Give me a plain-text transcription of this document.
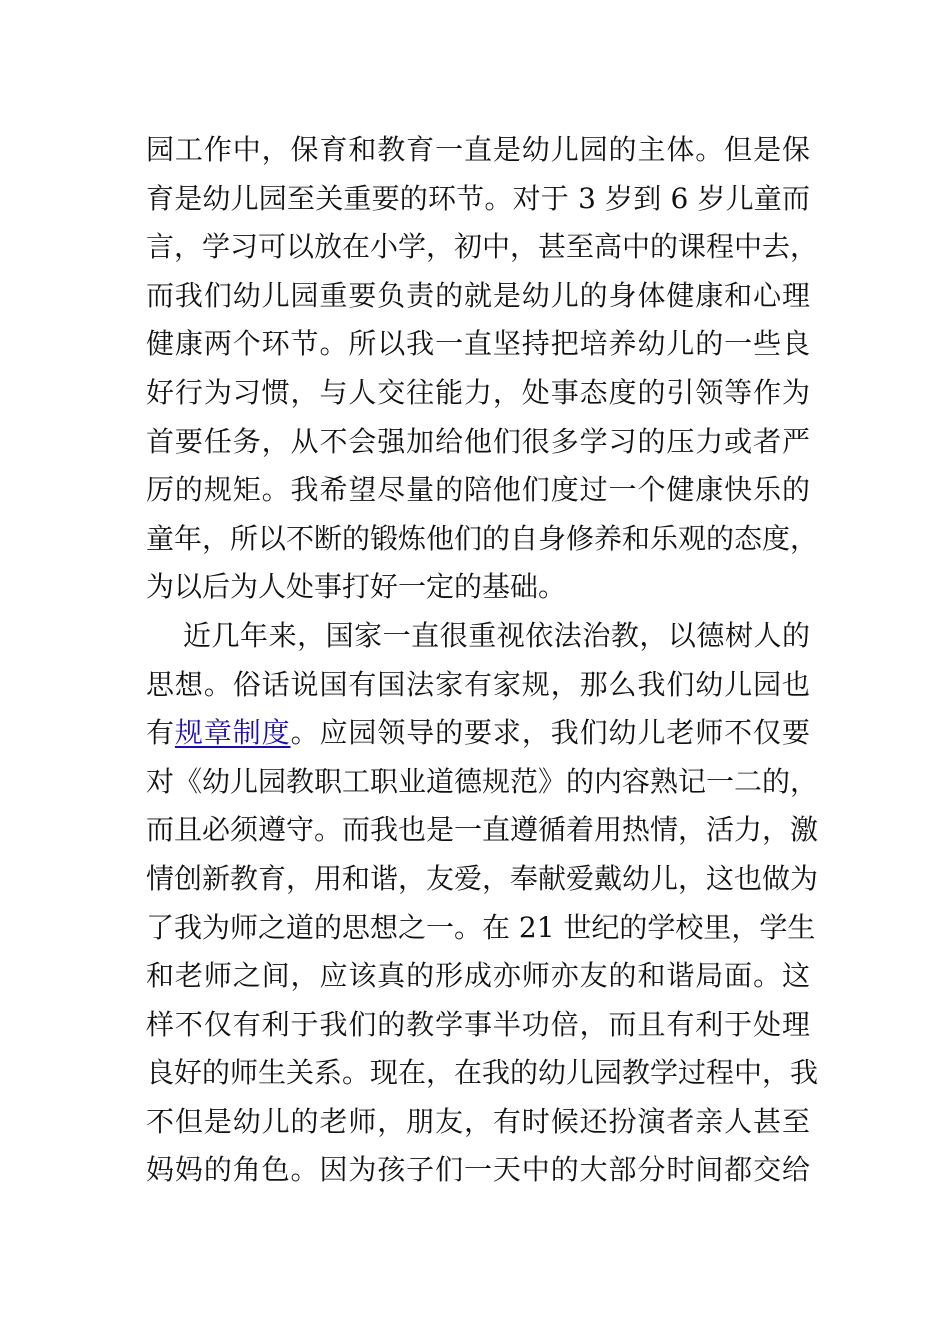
园工作中，保育和教育一直是幼儿园的主体。但是保
育是幼儿园至关重要的环节。对于 3 岁到 6 岁儿童而
言，学习可以放在小学，初中，甚至高中的课程中去，
而我们幼儿园重要负责的就是幼儿的身体健康和心理
健康两个环节。所以我一直坚持把培养幼儿的一些良
好行为习惯，与人交往能力，处事态度的引领等作为
首要任务，从不会强加给他们很多学习的压力或者严
厉的规矩。我希望尽量的陪他们度过一个健康快乐的
童年，所以不断的锻炼他们的自身修养和乐观的态度，
为以后为人处事打好一定的基础。
近几年来，国家一直很重视依法治教，以德树人的
思想。俗话说国有国法家有家规，那么我们幼儿园也
有规章制度。应园领导的要求，我们幼儿老师不仅要
对《幼儿园教职工职业道德规范》的内容熟记一二的，
而且必须遵守。而我也是一直遵循着用热情，活力，激
情创新教育，用和谐，友爱，奉献爱戴幼儿，这也做为
了我为师之道的思想之一。在 21 世纪的学校里，学生
和老师之间，应该真的形成亦师亦友的和谐局面。这
样不仅有利于我们的教学事半功倍，而且有利于处理
良好的师生关系。现在，在我的幼儿园教学过程中，我
不但是幼儿的老师，朋友，有时候还扮演者亲人甚至
妈妈的角色。因为孩子们一天中的大部分时间都交给
